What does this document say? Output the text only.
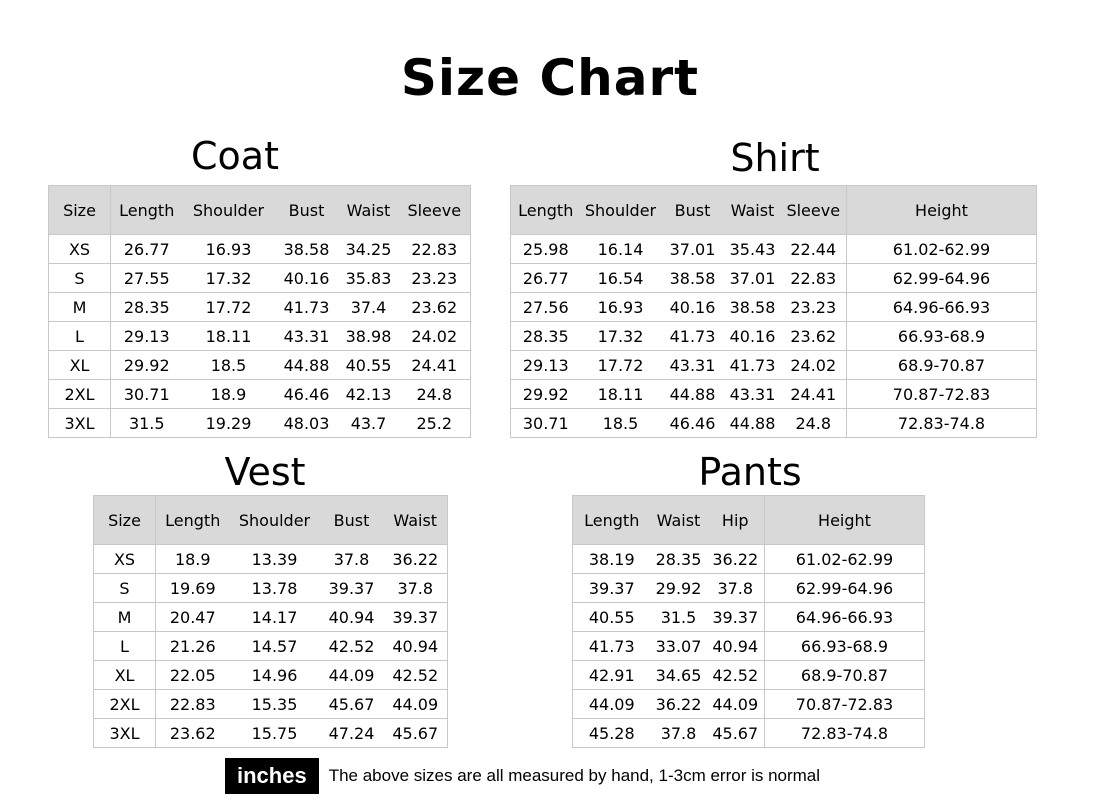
Size Chart
Coat
Size	Length	Shoulder	Bust	Waist	Sleeve
XS	26.77	16.93	38.58	34.25	22.83
S	27.55	17.32	40.16	35.83	23.23
M	28.35	17.72	41.73	37.4	23.62
L	29.13	18.11	43.31	38.98	24.02
XL	29.92	18.5	44.88	40.55	24.41
2XL	30.71	18.9	46.46	42.13	24.8
3XL	31.5	19.29	48.03	43.7	25.2
Shirt
Length	Shoulder	Bust	Waist	Sleeve	Height
25.98	16.14	37.01	35.43	22.44	61.02-62.99
26.77	16.54	38.58	37.01	22.83	62.99-64.96
27.56	16.93	40.16	38.58	23.23	64.96-66.93
28.35	17.32	41.73	40.16	23.62	66.93-68.9
29.13	17.72	43.31	41.73	24.02	68.9-70.87
29.92	18.11	44.88	43.31	24.41	70.87-72.83
30.71	18.5	46.46	44.88	24.8	72.83-74.8
Vest
Size	Length	Shoulder	Bust	Waist
XS	18.9	13.39	37.8	36.22
S	19.69	13.78	39.37	37.8
M	20.47	14.17	40.94	39.37
L	21.26	14.57	42.52	40.94
XL	22.05	14.96	44.09	42.52
2XL	22.83	15.35	45.67	44.09
3XL	23.62	15.75	47.24	45.67
Pants
Length	Waist	Hip	Height
38.19	28.35	36.22	61.02-62.99
39.37	29.92	37.8	62.99-64.96
40.55	31.5	39.37	64.96-66.93
41.73	33.07	40.94	66.93-68.9
42.91	34.65	42.52	68.9-70.87
44.09	36.22	44.09	70.87-72.83
45.28	37.8	45.67	72.83-74.8
inches	The above sizes are all measured by hand, 1-3cm error is normal
